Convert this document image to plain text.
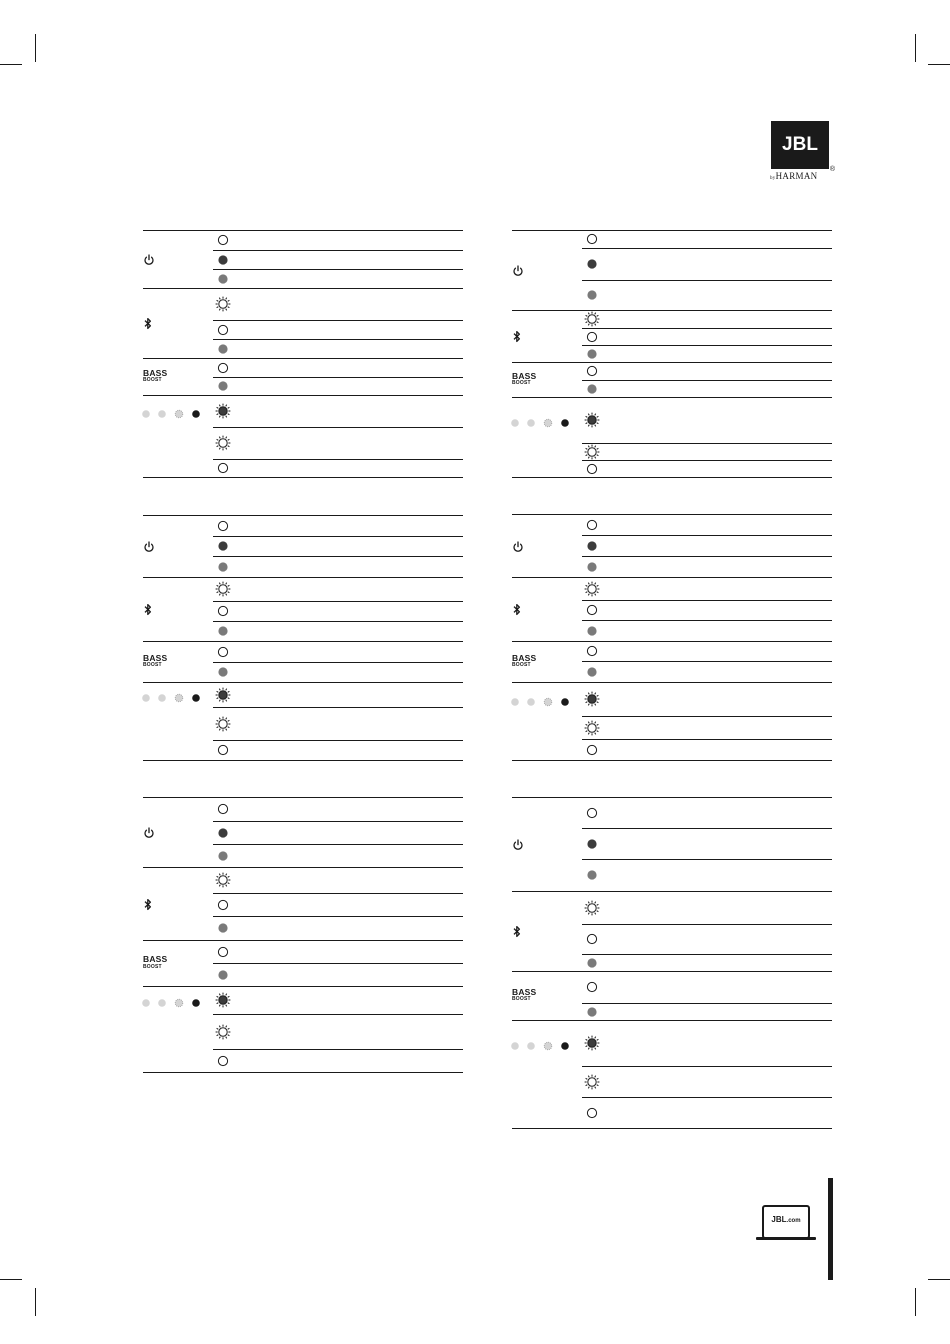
JBL
®
byHARMAN
BASS
BOOST
BASS
BOOST
BASS
BOOST
BASS
BOOST
BASS
BOOST
BASS
BOOST
JBL.com
